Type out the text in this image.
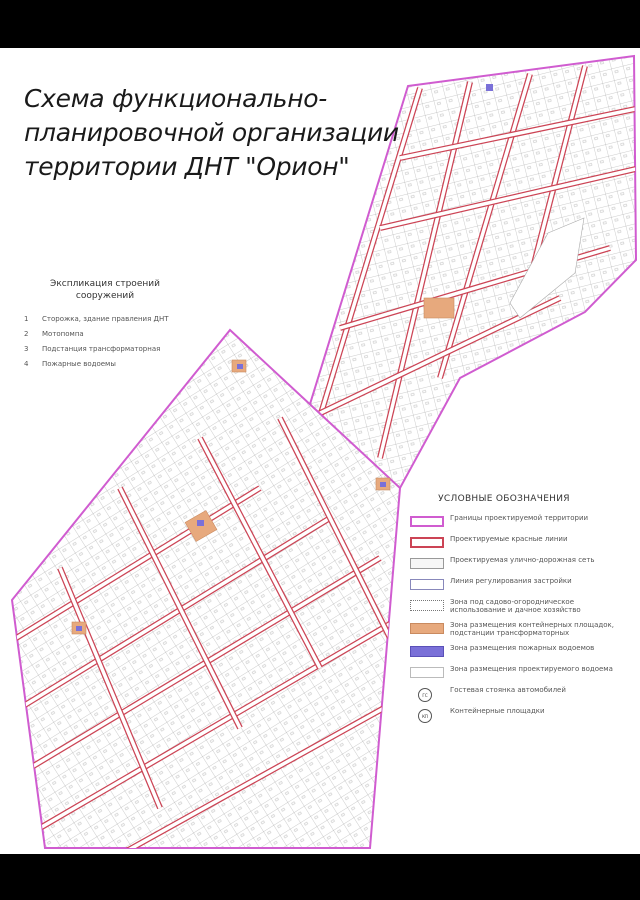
Схема функционально-
планировочной организации
территории ДНТ "Орион"
Экспликация строений
сооружений
1 Сторожка, здание правления ДНТ
2 Мотопомпа
3 Подстанция трансформаторная
4 Пожарные водоемы
УСЛОВНЫЕ ОБОЗНАЧЕНИЯ
Границы проектируемой территории
Проектируемые красные линии
Проектируемая улично-дорожная сеть
Линия регулирования застройки
Зона под садово-огородническое
использование и дачное хозяйство
Зона размещения контейнерных площадок,
подстанции трансформаторных
Зона размещения пожарных водоемов
Зона размещения проектируемого водоема
ГС
Гостевая стоянка автомобилей
КП
Контейнерные площадки
